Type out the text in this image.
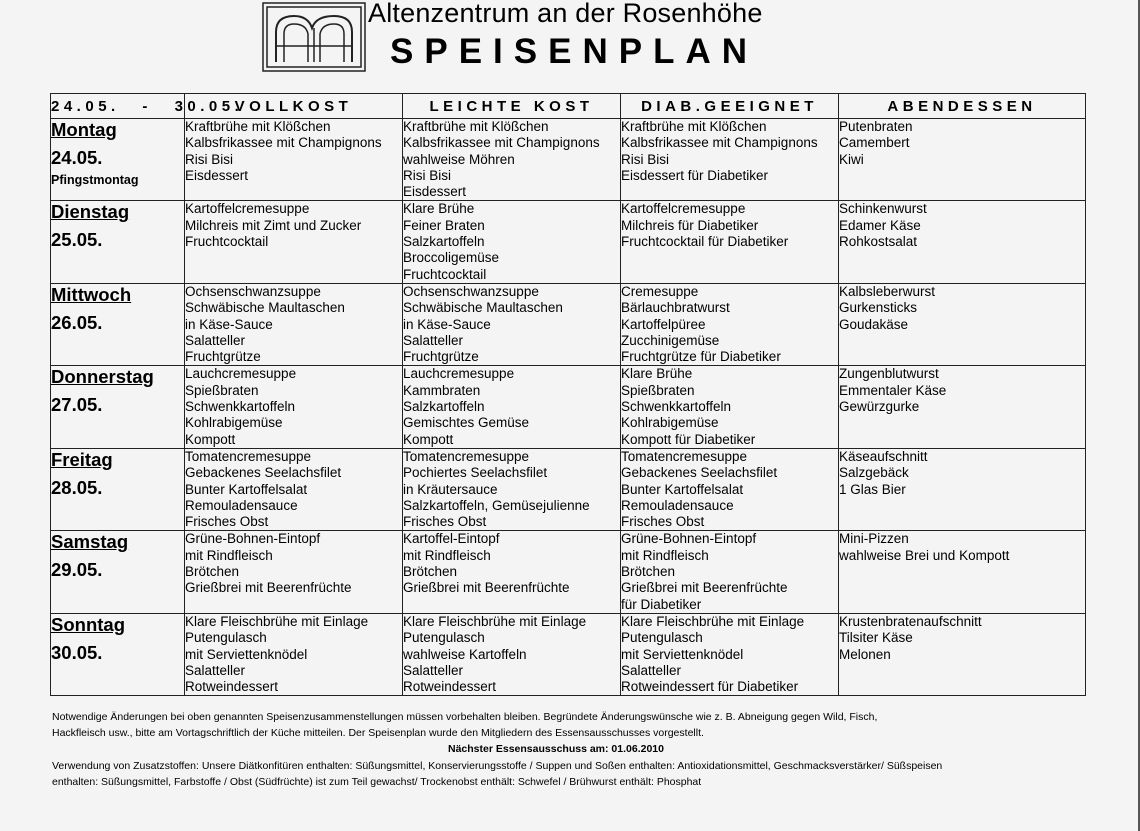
Altenzentrum an der Rosenhöhe
SPEISENPLAN
24.05. - 30.05.	VOLLKOST	LEICHTE KOST	DIAB.GEEIGNET	ABENDESSEN

Montag
24.05.
Pfingstmontag	Kraftbrühe mit Klößchen
Kalbsfrikassee mit Champignons
Risi Bisi
Eisdessert	Kraftbrühe mit Klößchen
Kalbsfrikassee mit Champignons
wahlweise Möhren
Risi Bisi
Eisdessert	Kraftbrühe mit Klößchen
Kalbsfrikassee mit Champignons
Risi Bisi
Eisdessert für Diabetiker	Putenbraten
Camembert
Kiwi

Dienstag
25.05.	Kartoffelcremesuppe
Milchreis mit Zimt und Zucker
Fruchtcocktail	Klare Brühe
Feiner Braten
Salzkartoffeln
Broccoligemüse
Fruchtcocktail	Kartoffelcremesuppe
Milchreis für Diabetiker
Fruchtcocktail für Diabetiker	Schinkenwurst
Edamer Käse
Rohkostsalat

Mittwoch
26.05.	Ochsenschwanzsuppe
Schwäbische Maultaschen
in Käse-Sauce
Salatteller
Fruchtgrütze	Ochsenschwanzsuppe
Schwäbische Maultaschen
in Käse-Sauce
Salatteller
Fruchtgrütze	Cremesuppe
Bärlauchbratwurst
Kartoffelpüree
Zucchinigemüse
Fruchtgrütze für Diabetiker	Kalbsleberwurst
Gurkensticks
Goudakäse

Donnerstag
27.05.	Lauchcremesuppe
Spießbraten
Schwenkkartoffeln
Kohlrabigemüse
Kompott	Lauchcremesuppe
Kammbraten
Salzkartoffeln
Gemischtes Gemüse
Kompott	Klare Brühe
Spießbraten
Schwenkkartoffeln
Kohlrabigemüse
Kompott für Diabetiker	Zungenblutwurst
Emmentaler Käse
Gewürzgurke

Freitag
28.05.	Tomatencremesuppe
Gebackenes Seelachsfilet
Bunter Kartoffelsalat
Remouladensauce
Frisches Obst	Tomatencremesuppe
Pochiertes Seelachsfilet
in Kräutersauce
Salzkartoffeln, Gemüsejulienne
Frisches Obst	Tomatencremesuppe
Gebackenes Seelachsfilet
Bunter Kartoffelsalat
Remouladensauce
Frisches Obst	Käseaufschnitt
Salzgebäck
1 Glas Bier

Samstag
29.05.	Grüne-Bohnen-Eintopf
mit Rindfleisch
Brötchen
Grießbrei mit Beerenfrüchte	Kartoffel-Eintopf
mit Rindfleisch
Brötchen
Grießbrei mit Beerenfrüchte	Grüne-Bohnen-Eintopf
mit Rindfleisch
Brötchen
Grießbrei mit Beerenfrüchte
für Diabetiker	Mini-Pizzen
wahlweise Brei und Kompott

Sonntag
30.05.	Klare Fleischbrühe mit Einlage
Putengulasch
mit Serviettenknödel
Salatteller
Rotweindessert	Klare Fleischbrühe mit Einlage
Putengulasch
wahlweise Kartoffeln
Salatteller
Rotweindessert	Klare Fleischbrühe mit Einlage
Putengulasch
mit Serviettenknödel
Salatteller
Rotweindessert für Diabetiker	Krustenbratenaufschnitt
Tilsiter Käse
Melonen
Notwendige Änderungen bei oben genannten Speisenzusammenstellungen müssen vorbehalten bleiben. Begründete Änderungswünsche wie z. B. Abneigung gegen Wild, Fisch,
Hackfleisch usw., bitte am Vortagschriftlich der Küche mitteilen. Der Speisenplan wurde den Mitgliedern des Essensausschusses vorgestellt.
Nächster Essensausschuss am: 01.06.2010
Verwendung von Zusatzstoffen: Unsere Diätkonfitüren enthalten: Süßungsmittel, Konservierungsstoffe / Suppen und Soßen enthalten: Antioxidationsmittel, Geschmacksverstärker/ Süßspeisen
enthalten: Süßungsmittel, Farbstoffe / Obst (Südfrüchte) ist zum Teil gewachst/ Trockenobst enthält: Schwefel / Brühwurst enthält: Phosphat
